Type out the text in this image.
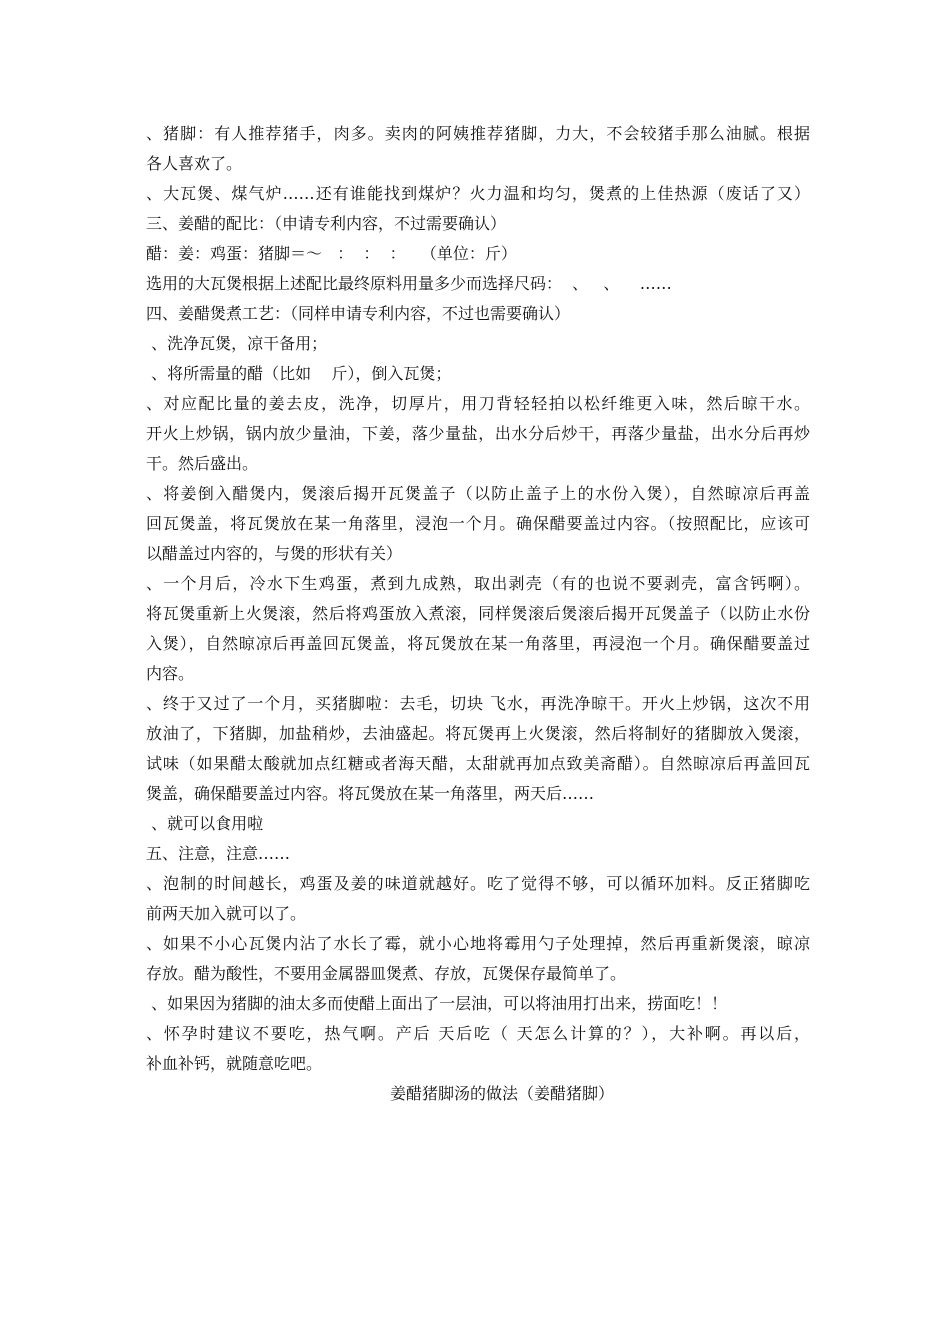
、猪脚：有人推荐猪手，肉多。卖肉的阿姨推荐猪脚，力大，不会较猪手那么油腻。根据
各人喜欢了。
、大瓦煲、煤气炉……还有谁能找到煤炉？火力温和均匀，煲煮的上佳热源（废话了又）
三、姜醋的配比：（申请专利内容，不过需要确认）
醋：姜：鸡蛋：猪脚＝～   ：  ：  ：   （单位：斤）
选用的大瓦煲根据上述配比最终原料用量多少而选择尺码：  、   、    ……
四、姜醋煲煮工艺：（同样申请专利内容，不过也需要确认）
、洗净瓦煲，凉干备用；
、将所需量的醋（比如    斤），倒入瓦煲；
、对应配比量的姜去皮，洗净，切厚片，用刀背轻轻拍以松纤维更入味，然后晾干水。
开火上炒锅，锅内放少量油，下姜，落少量盐，出水分后炒干，再落少量盐，出水分后再炒
干。然后盛出。
、将姜倒入醋煲内，煲滚后揭开瓦煲盖子（以防止盖子上的水份入煲），自然晾凉后再盖
回瓦煲盖，将瓦煲放在某一角落里，浸泡一个月。确保醋要盖过内容。（按照配比，应该可
以醋盖过内容的，与煲的形状有关）
、一个月后，冷水下生鸡蛋，煮到九成熟，取出剥壳（有的也说不要剥壳，富含钙啊）。
将瓦煲重新上火煲滚，然后将鸡蛋放入煮滚，同样煲滚后煲滚后揭开瓦煲盖子（以防止水份
入煲），自然晾凉后再盖回瓦煲盖，将瓦煲放在某一角落里，再浸泡一个月。确保醋要盖过
内容。
、终于又过了一个月，买猪脚啦：去毛，切块 飞水，再洗净晾干。开火上炒锅，这次不用
放油了，下猪脚，加盐稍炒，去油盛起。将瓦煲再上火煲滚，然后将制好的猪脚放入煲滚，
试味（如果醋太酸就加点红糖或者海天醋，太甜就再加点致美斋醋）。自然晾凉后再盖回瓦
煲盖，确保醋要盖过内容。将瓦煲放在某一角落里，两天后……
、就可以食用啦
五、注意，注意……
、泡制的时间越长，鸡蛋及姜的味道就越好。吃了觉得不够，可以循环加料。反正猪脚吃
前两天加入就可以了。
、如果不小心瓦煲内沾了水长了霉，就小心地将霉用勺子处理掉，然后再重新煲滚，晾凉
存放。醋为酸性，不要用金属器皿煲煮、存放，瓦煲保存最简单了。
、如果因为猪脚的油太多而使醋上面出了一层油，可以将油用打出来，捞面吃！！
、怀孕时建议不要吃，热气啊。产后 天后吃（ 天怎么计算的？），大补啊。再以后，
补血补钙，就随意吃吧。
姜醋猪脚汤的做法（姜醋猪脚）
